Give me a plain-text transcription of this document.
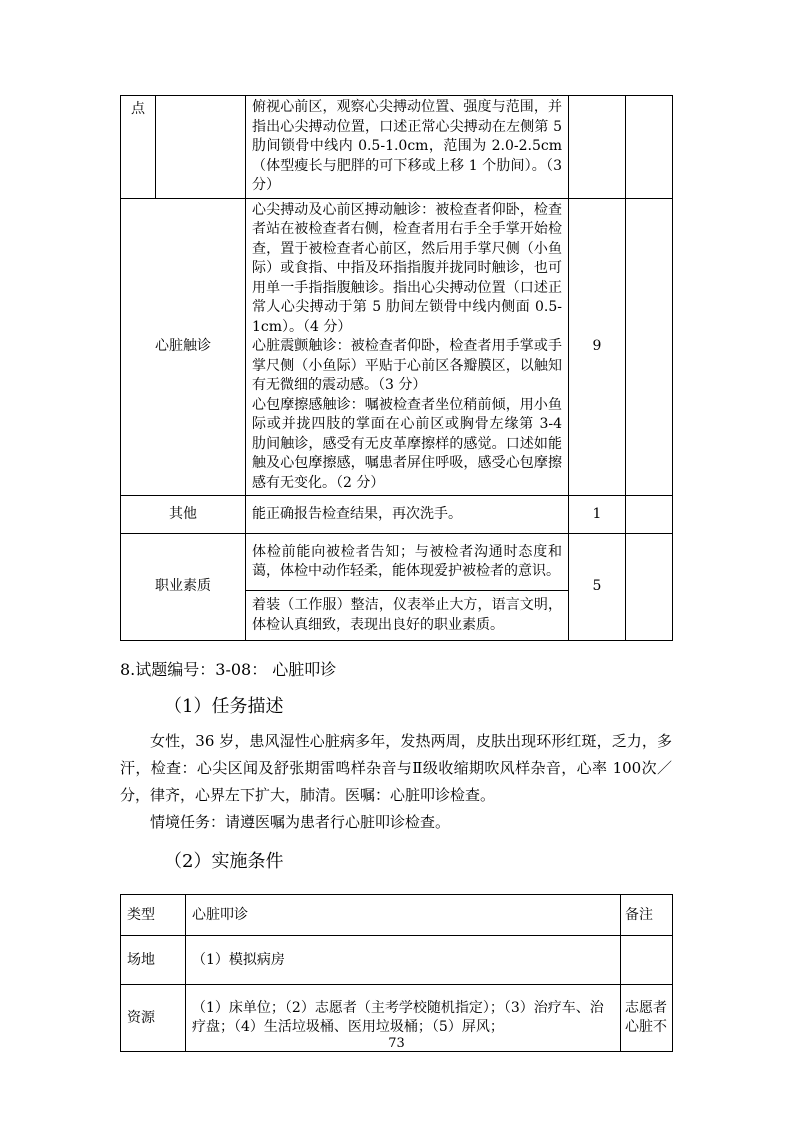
点		俯视心前区，观察心尖搏动位置、强度与范围，并指出心尖搏动位置，口述正常心尖搏动在左侧第 5 肋间锁骨中线内 0.5-1.0cm，范围为 2.0-2.5cm（体型瘦长与肥胖的可下移或上移 1 个肋间）。（3 分）		
心脏触诊		心尖搏动及心前区搏动触诊：被检查者仰卧，检查者站在被检查者右侧，检查者用右手全手掌开始检查，置于被检查者心前区，然后用手掌尺侧（小鱼际）或食指、中指及环指指腹并拢同时触诊，也可用单一手指指腹触诊。指出心尖搏动位置（口述正常人心尖搏动于第 5 肋间左锁骨中线内侧面 0.5-1cm）。（4 分）
心脏震颤触诊：被检查者仰卧，检查者用手掌或手掌尺侧（小鱼际）平贴于心前区各瓣膜区，以触知有无微细的震动感。（3 分）
心包摩擦感触诊：嘱被检查者坐位稍前倾，用小鱼际或并拢四肢的掌面在心前区或胸骨左缘第 3-4 肋间触诊，感受有无皮革摩擦样的感觉。口述如能触及心包摩擦感，嘱患者屏住呼吸，感受心包摩擦感有无变化。（2 分）	9	
其他		能正确报告检查结果，再次洗手。	1	
职业素质		体检前能向被检者告知；与被检者沟通时态度和蔼，体检中动作轻柔，能体现爱护被检者的意识。	5	
		着装（工作服）整洁，仪表举止大方，语言文明，体检认真细致，表现出良好的职业素质。		
8.试题编号：3-08： 心脏叩诊
（1）任务描述
女性，36 岁，患风湿性心脏病多年，发热两周，皮肤出现环形红斑，乏力，多汗，检查：心尖区闻及舒张期雷鸣样杂音与Ⅱ级收缩期吹风样杂音，心率 100次／分，律齐，心界左下扩大，肺清。医嘱：心脏叩诊检查。
情境任务：请遵医嘱为患者行心脏叩诊检查。
（2）实施条件
类型	心脏叩诊	备注
场地	（1）模拟病房	
资源	（1）床单位；（2）志愿者（主考学校随机指定）；（3）治疗车、治疗盘；（4）生活垃圾桶、医用垃圾桶；（5）屏风；	志愿者心脏不
73
